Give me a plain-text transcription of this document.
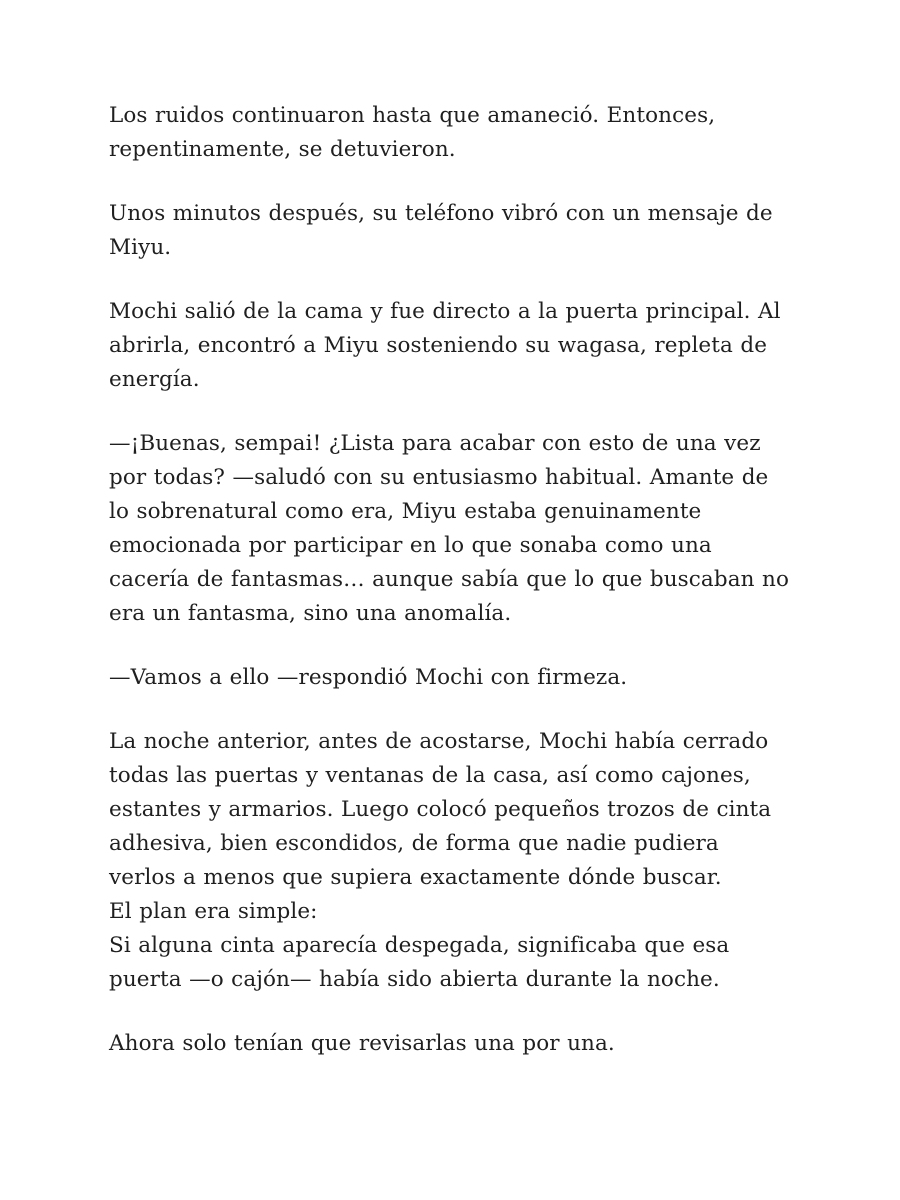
Los ruidos continuaron hasta que amaneció. Entonces,
repentinamente, se detuvieron.
Unos minutos después, su teléfono vibró con un mensaje de
Miyu.
Mochi salió de la cama y fue directo a la puerta principal. Al
abrirla, encontró a Miyu sosteniendo su wagasa, repleta de
energía.
—¡Buenas, sempai! ¿Lista para acabar con esto de una vez
por todas? —saludó con su entusiasmo habitual. Amante de
lo sobrenatural como era, Miyu estaba genuinamente
emocionada por participar en lo que sonaba como una
cacería de fantasmas… aunque sabía que lo que buscaban no
era un fantasma, sino una anomalía.
—Vamos a ello —respondió Mochi con firmeza.
La noche anterior, antes de acostarse, Mochi había cerrado
todas las puertas y ventanas de la casa, así como cajones,
estantes y armarios. Luego colocó pequeños trozos de cinta
adhesiva, bien escondidos, de forma que nadie pudiera
verlos a menos que supiera exactamente dónde buscar.
El plan era simple:
Si alguna cinta aparecía despegada, significaba que esa
puerta —o cajón— había sido abierta durante la noche.
Ahora solo tenían que revisarlas una por una.
